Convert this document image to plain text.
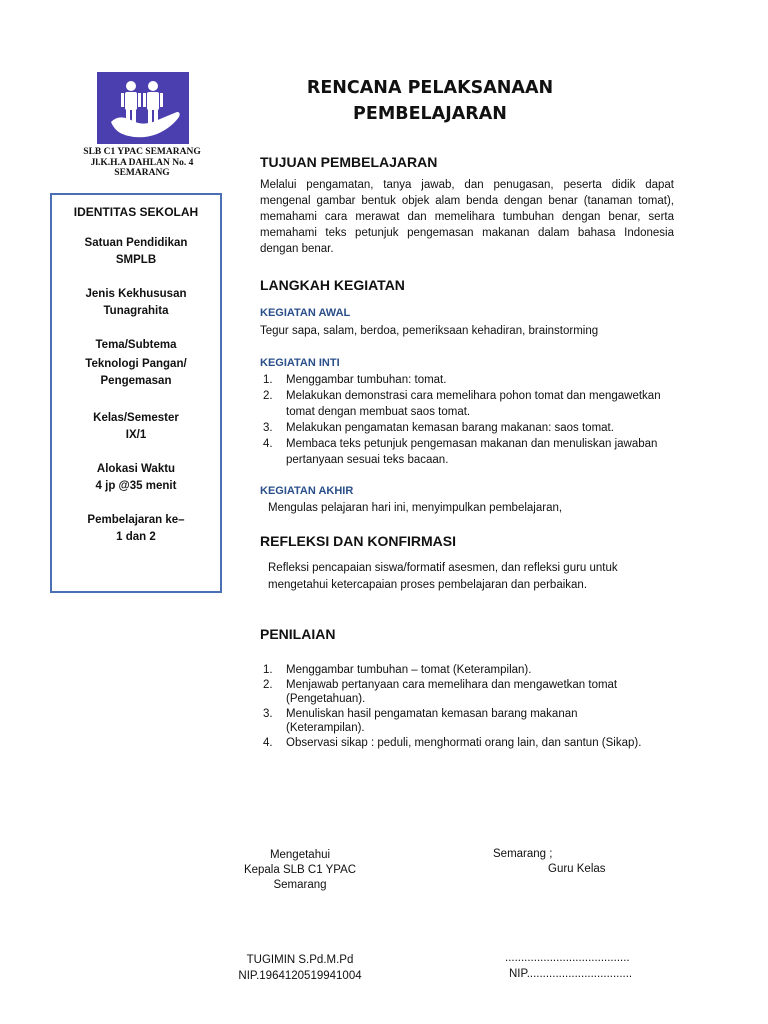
SLB C1 YPAC SEMARANG
Jl.K.H.A DAHLAN No. 4
SEMARANG
IDENTITAS SEKOLAH
Satuan Pendidikan
SMPLB
Jenis Kekhususan
Tunagrahita
Tema/Subtema
Teknologi Pangan/ Pengemasan
Kelas/Semester
IX/1
Alokasi Waktu
4 jp @35 menit
Pembelajaran ke–
1 dan 2
RENCANA PELAKSANAAN
PEMBELAJARAN
TUJUAN PEMBELAJARAN
Melalui pengamatan, tanya jawab, dan penugasan, peserta didik dapat mengenal gambar bentuk objek alam benda dengan benar (tanaman tomat), memahami cara merawat dan memelihara tumbuhan dengan benar, serta memahami teks petunjuk pengemasan makanan dalam bahasa Indonesia dengan benar.
LANGKAH KEGIATAN
KEGIATAN AWAL
Tegur sapa, salam, berdoa, pemeriksaan kehadiran, brainstorming
KEGIATAN INTI
1. Menggambar tumbuhan: tomat.
2. Melakukan demonstrasi cara memelihara pohon tomat dan mengawetkan tomat dengan membuat saos tomat.
3. Melakukan pengamatan kemasan barang makanan: saos tomat.
4. Membaca teks petunjuk pengemasan makanan dan menuliskan jawaban pertanyaan sesuai teks bacaan.
KEGIATAN AKHIR
Mengulas pelajaran hari ini, menyimpulkan pembelajaran,
REFLEKSI DAN KONFIRMASI
Refleksi pencapaian siswa/formatif asesmen, dan refleksi guru untuk mengetahui ketercapaian proses pembelajaran dan perbaikan.
PENILAIAN
1. Menggambar tumbuhan – tomat (Keterampilan).
2. Menjawab pertanyaan cara memelihara dan mengawetkan tomat (Pengetahuan).
3. Menuliskan hasil pengamatan kemasan barang makanan (Keterampilan).
4. Observasi sikap : peduli, menghormati orang lain, dan santun (Sikap).
Mengetahui
Kepala SLB C1 YPAC
Semarang
TUGIMIN S.Pd.M.Pd
NIP.1964120519941004
Semarang ;
Guru Kelas
.......................................
NIP.................................
